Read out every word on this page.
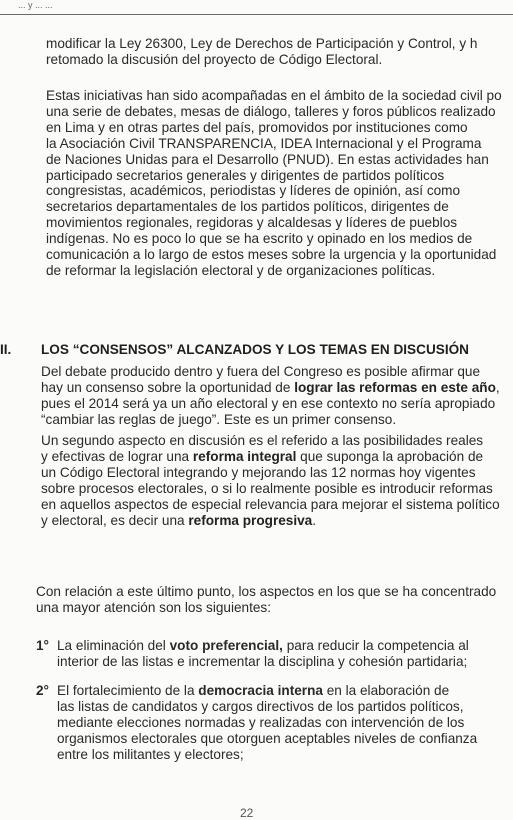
... y ... ...
modificar la Ley 26300, Ley de Derechos de Participación y Control, y h
retomado la discusión del proyecto de Código Electoral.
Estas iniciativas han sido acompañadas en el ámbito de la sociedad civil po
una serie de debates, mesas de diálogo, talleres y foros públicos realizado
en Lima y en otras partes del país, promovidos por instituciones como
la Asociación Civil TRANSPARENCIA, IDEA Internacional y el Programa
de Naciones Unidas para el Desarrollo (PNUD). En estas actividades han
participado secretarios generales y dirigentes de partidos políticos
congresistas, académicos, periodistas y líderes de opinión, así como
secretarios departamentales de los partidos políticos, dirigentes de
movimientos regionales, regidoras y alcaldesas y líderes de pueblos
indígenas. No es poco lo que se ha escrito y opinado en los medios de
comunicación a lo largo de estos meses sobre la urgencia y la oportunidad
de reformar la legislación electoral y de organizaciones políticas.
II. LOS “CONSENSOS” ALCANZADOS Y LOS TEMAS EN DISCUSIÓN
Del debate producido dentro y fuera del Congreso es posible afirmar que
hay un consenso sobre la oportunidad de lograr las reformas en este año,
pues el 2014 será ya un año electoral y en ese contexto no sería apropiado
“cambiar las reglas de juego”. Este es un primer consenso.
Un segundo aspecto en discusión es el referido a las posibilidades reales
y efectivas de lograr una reforma integral que suponga la aprobación de
un Código Electoral integrando y mejorando las 12 normas hoy vigentes
sobre procesos electorales, o si lo realmente posible es introducir reformas
en aquellos aspectos de especial relevancia para mejorar el sistema político
y electoral, es decir una reforma progresiva.
Con relación a este último punto, los aspectos en los que se ha concentrado
una mayor atención son los siguientes:
1° La eliminación del voto preferencial, para reducir la competencia al
interior de las listas e incrementar la disciplina y cohesión partidaria;
2° El fortalecimiento de la democracia interna en la elaboración de
las listas de candidatos y cargos directivos de los partidos políticos,
mediante elecciones normadas y realizadas con intervención de los
organismos electorales que otorguen aceptables niveles de confianza
entre los militantes y electores;
22
